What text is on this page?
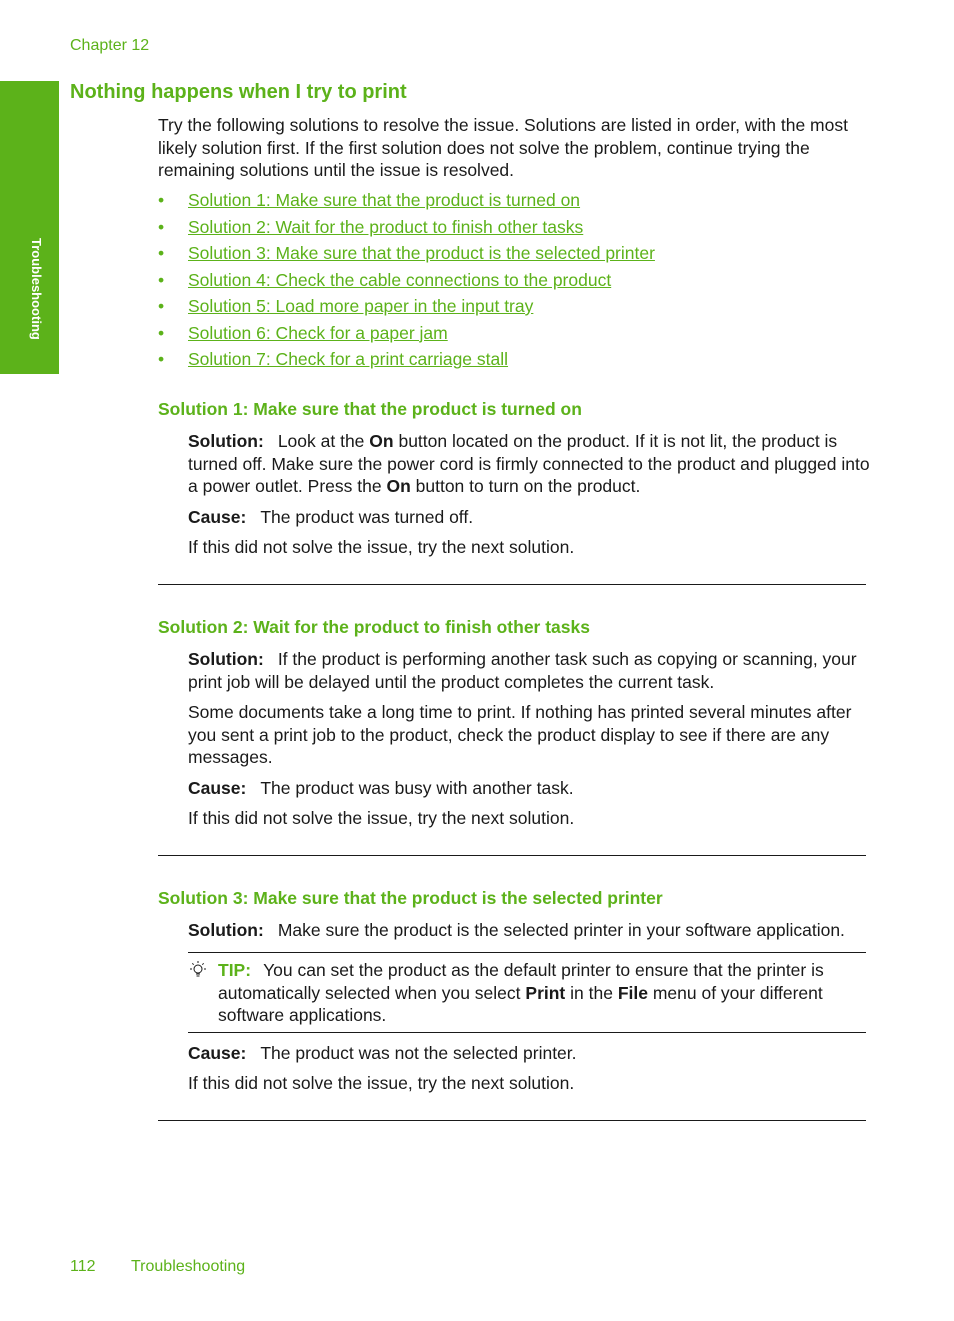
Chapter 12
Troubleshooting
Nothing happens when I try to print

Try the following solutions to resolve the issue. Solutions are listed in order, with the most likely solution first. If the first solution does not solve the problem, continue trying the remaining solutions until the issue is resolved.

• Solution 1: Make sure that the product is turned on
• Solution 2: Wait for the product to finish other tasks
• Solution 3: Make sure that the product is the selected printer
• Solution 4: Check the cable connections to the product
• Solution 5: Load more paper in the input tray
• Solution 6: Check for a paper jam
• Solution 7: Check for a print carriage stall
Solution 1: Make sure that the product is turned on

Solution: Look at the On button located on the product. If it is not lit, the product is turned off. Make sure the power cord is firmly connected to the product and plugged into a power outlet. Press the On button to turn on the product.

Cause: The product was turned off.

If this did not solve the issue, try the next solution.

Solution 2: Wait for the product to finish other tasks

Solution: If the product is performing another task such as copying or scanning, your print job will be delayed until the product completes the current task.

Some documents take a long time to print. If nothing has printed several minutes after you sent a print job to the product, check the product display to see if there are any messages.

Cause: The product was busy with another task.

If this did not solve the issue, try the next solution.

Solution 3: Make sure that the product is the selected printer

Solution: Make sure the product is the selected printer in your software application.

TIP: You can set the product as the default printer to ensure that the printer is automatically selected when you select Print in the File menu of your different software applications.

Cause: The product was not the selected printer.

If this did not solve the issue, try the next solution.

112 Troubleshooting
